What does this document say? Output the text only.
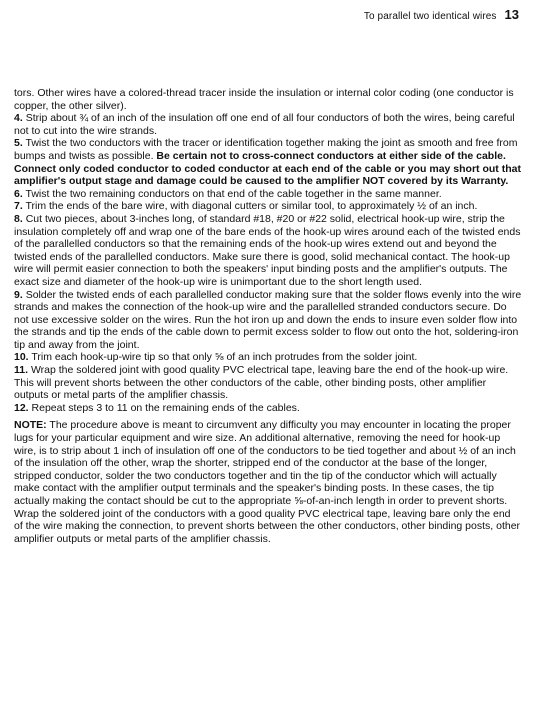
To parallel two identical wires 13

tors. Other wires have a colored-thread tracer inside the insulation or internal color coding (one conductor is copper, the other silver).

4. Strip about ¾ of an inch of the insulation off one end of all four conductors of both the wires, being careful not to cut into the wire strands.

5. Twist the two conductors with the tracer or identification together making the joint as smooth and free from bumps and twists as possible. Be certain not to cross-connect conductors at either side of the cable. Connect only coded conductor to coded conductor at each end of the cable or you may short out that amplifier's output stage and damage could be caused to the amplifier NOT covered by its Warranty.

6. Twist the two remaining conductors on that end of the cable together in the same manner.

7. Trim the ends of the bare wire, with diagonal cutters or similar tool, to approximately ½ of an inch.

8. Cut two pieces, about 3-inches long, of standard #18, #20 or #22 solid, electrical hook-up wire, strip the insulation completely off and wrap one of the bare ends of the hook-up wires around each of the twisted ends of the parallelled conductors so that the remaining ends of the hook-up wires extend out and beyond the twisted ends of the parallelled conductors. Make sure there is good, solid mechanical contact. The hook-up wire will permit easier connection to both the speakers' input binding posts and the amplifier's outputs. The exact size and diameter of the hook-up wire is unimportant due to the short length used.

9. Solder the twisted ends of each parallelled conductor making sure that the solder flows evenly into the wire strands and makes the connection of the hook-up wire and the parallelled stranded conductors secure. Do not use excessive solder on the wires. Run the hot iron up and down the ends to insure even solder flow into the strands and tip the ends of the cable down to permit excess solder to flow out onto the hot, soldering-iron tip and away from the joint.

10. Trim each hook-up-wire tip so that only ⅝ of an inch protrudes from the solder joint.

11. Wrap the soldered joint with good quality PVC electrical tape, leaving bare the end of the hook-up wire. This will prevent shorts between the other conductors of the cable, other binding posts, other amplifier outputs or metal parts of the amplifier chassis.

12. Repeat steps 3 to 11 on the remaining ends of the cables.

NOTE: The procedure above is meant to circumvent any difficulty you may encounter in locating the proper lugs for your particular equipment and wire size. An additional alternative, removing the need for hook-up wire, is to strip about 1 inch of insulation off one of the conductors to be tied together and about ½ of an inch of the insulation off the other, wrap the shorter, stripped end of the conductor at the base of the longer, stripped conductor, solder the two conductors together and tin the tip of the conductor which will actually make contact with the amplifier output terminals and the speaker's binding posts. In these cases, the tip actually making the contact should be cut to the appropriate ⅝-of-an-inch length in order to prevent shorts. Wrap the soldered joint of the conductors with a good quality PVC electrical tape, leaving bare only the end of the wire making the connection, to prevent shorts between the other conductors, other binding posts, other amplifier outputs or metal parts of the amplifier chassis.
